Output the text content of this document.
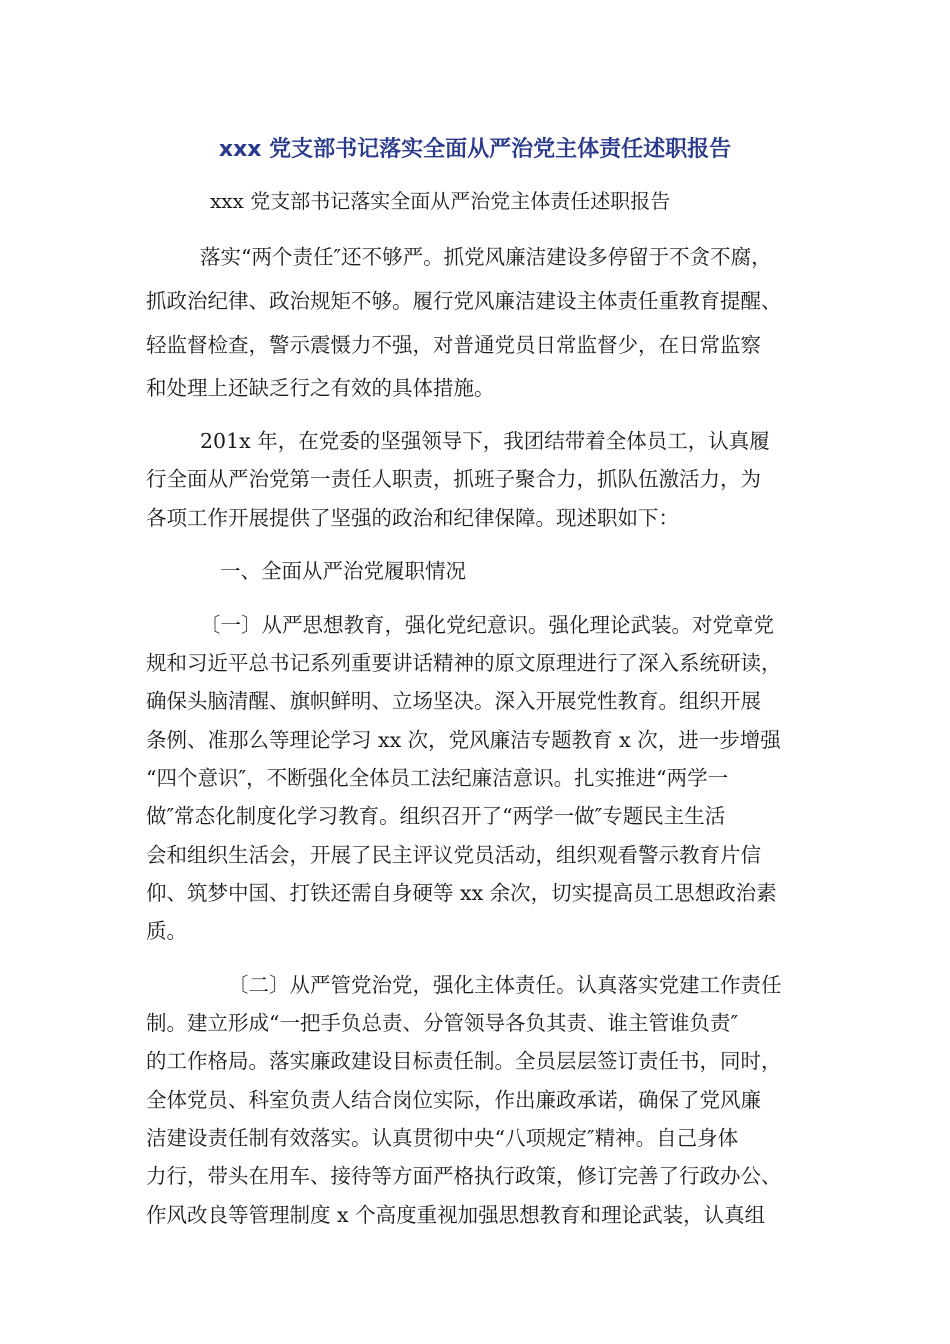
xxx 党支部书记落实全面从严治党主体责任述职报告

xxx 党支部书记落实全面从严治党主体责任述职报告

落实“两个责任″还不够严。抓党风廉洁建设多停留于不贪不腐，

抓政治纪律、政治规矩不够。履行党风廉洁建设主体责任重教育提醒、

轻监督检查，警示震慑力不强，对普通党员日常监督少，在日常监察

和处理上还缺乏行之有效的具体措施。

201x 年，在党委的坚强领导下，我团结带着全体员工，认真履

行全面从严治党第一责任人职责，抓班子聚合力，抓队伍激活力，为

各项工作开展提供了坚强的政治和纪律保障。现述职如下：

一、全面从严治党履职情况

〔一〕从严思想教育，强化党纪意识。强化理论武装。对党章党

规和习近平总书记系列重要讲话精神的原文原理进行了深入系统研读，

确保头脑清醒、旗帜鲜明、立场坚决。深入开展党性教育。组织开展

条例、准那么等理论学习 xx 次，党风廉洁专题教育 x 次，进一步增强

“四个意识″，不断强化全体员工法纪廉洁意识。扎实推进“两学一

做″常态化制度化学习教育。组织召开了“两学一做″专题民主生活

会和组织生活会，开展了民主评议党员活动，组织观看警示教育片信

仰、筑梦中国、打铁还需自身硬等 xx 余次，切实提高员工思想政治素

质。

〔二〕从严管党治党，强化主体责任。认真落实党建工作责任

制。建立形成“一把手负总责、分管领导各负其责、谁主管谁负责″

的工作格局。落实廉政建设目标责任制。全员层层签订责任书，同时，

全体党员、科室负责人结合岗位实际，作出廉政承诺，确保了党风廉

洁建设责任制有效落实。认真贯彻中央“八项规定″精神。自己身体

力行，带头在用车、接待等方面严格执行政策，修订完善了行政办公、

作风改良等管理制度 x 个高度重视加强思想教育和理论武装，认真组
